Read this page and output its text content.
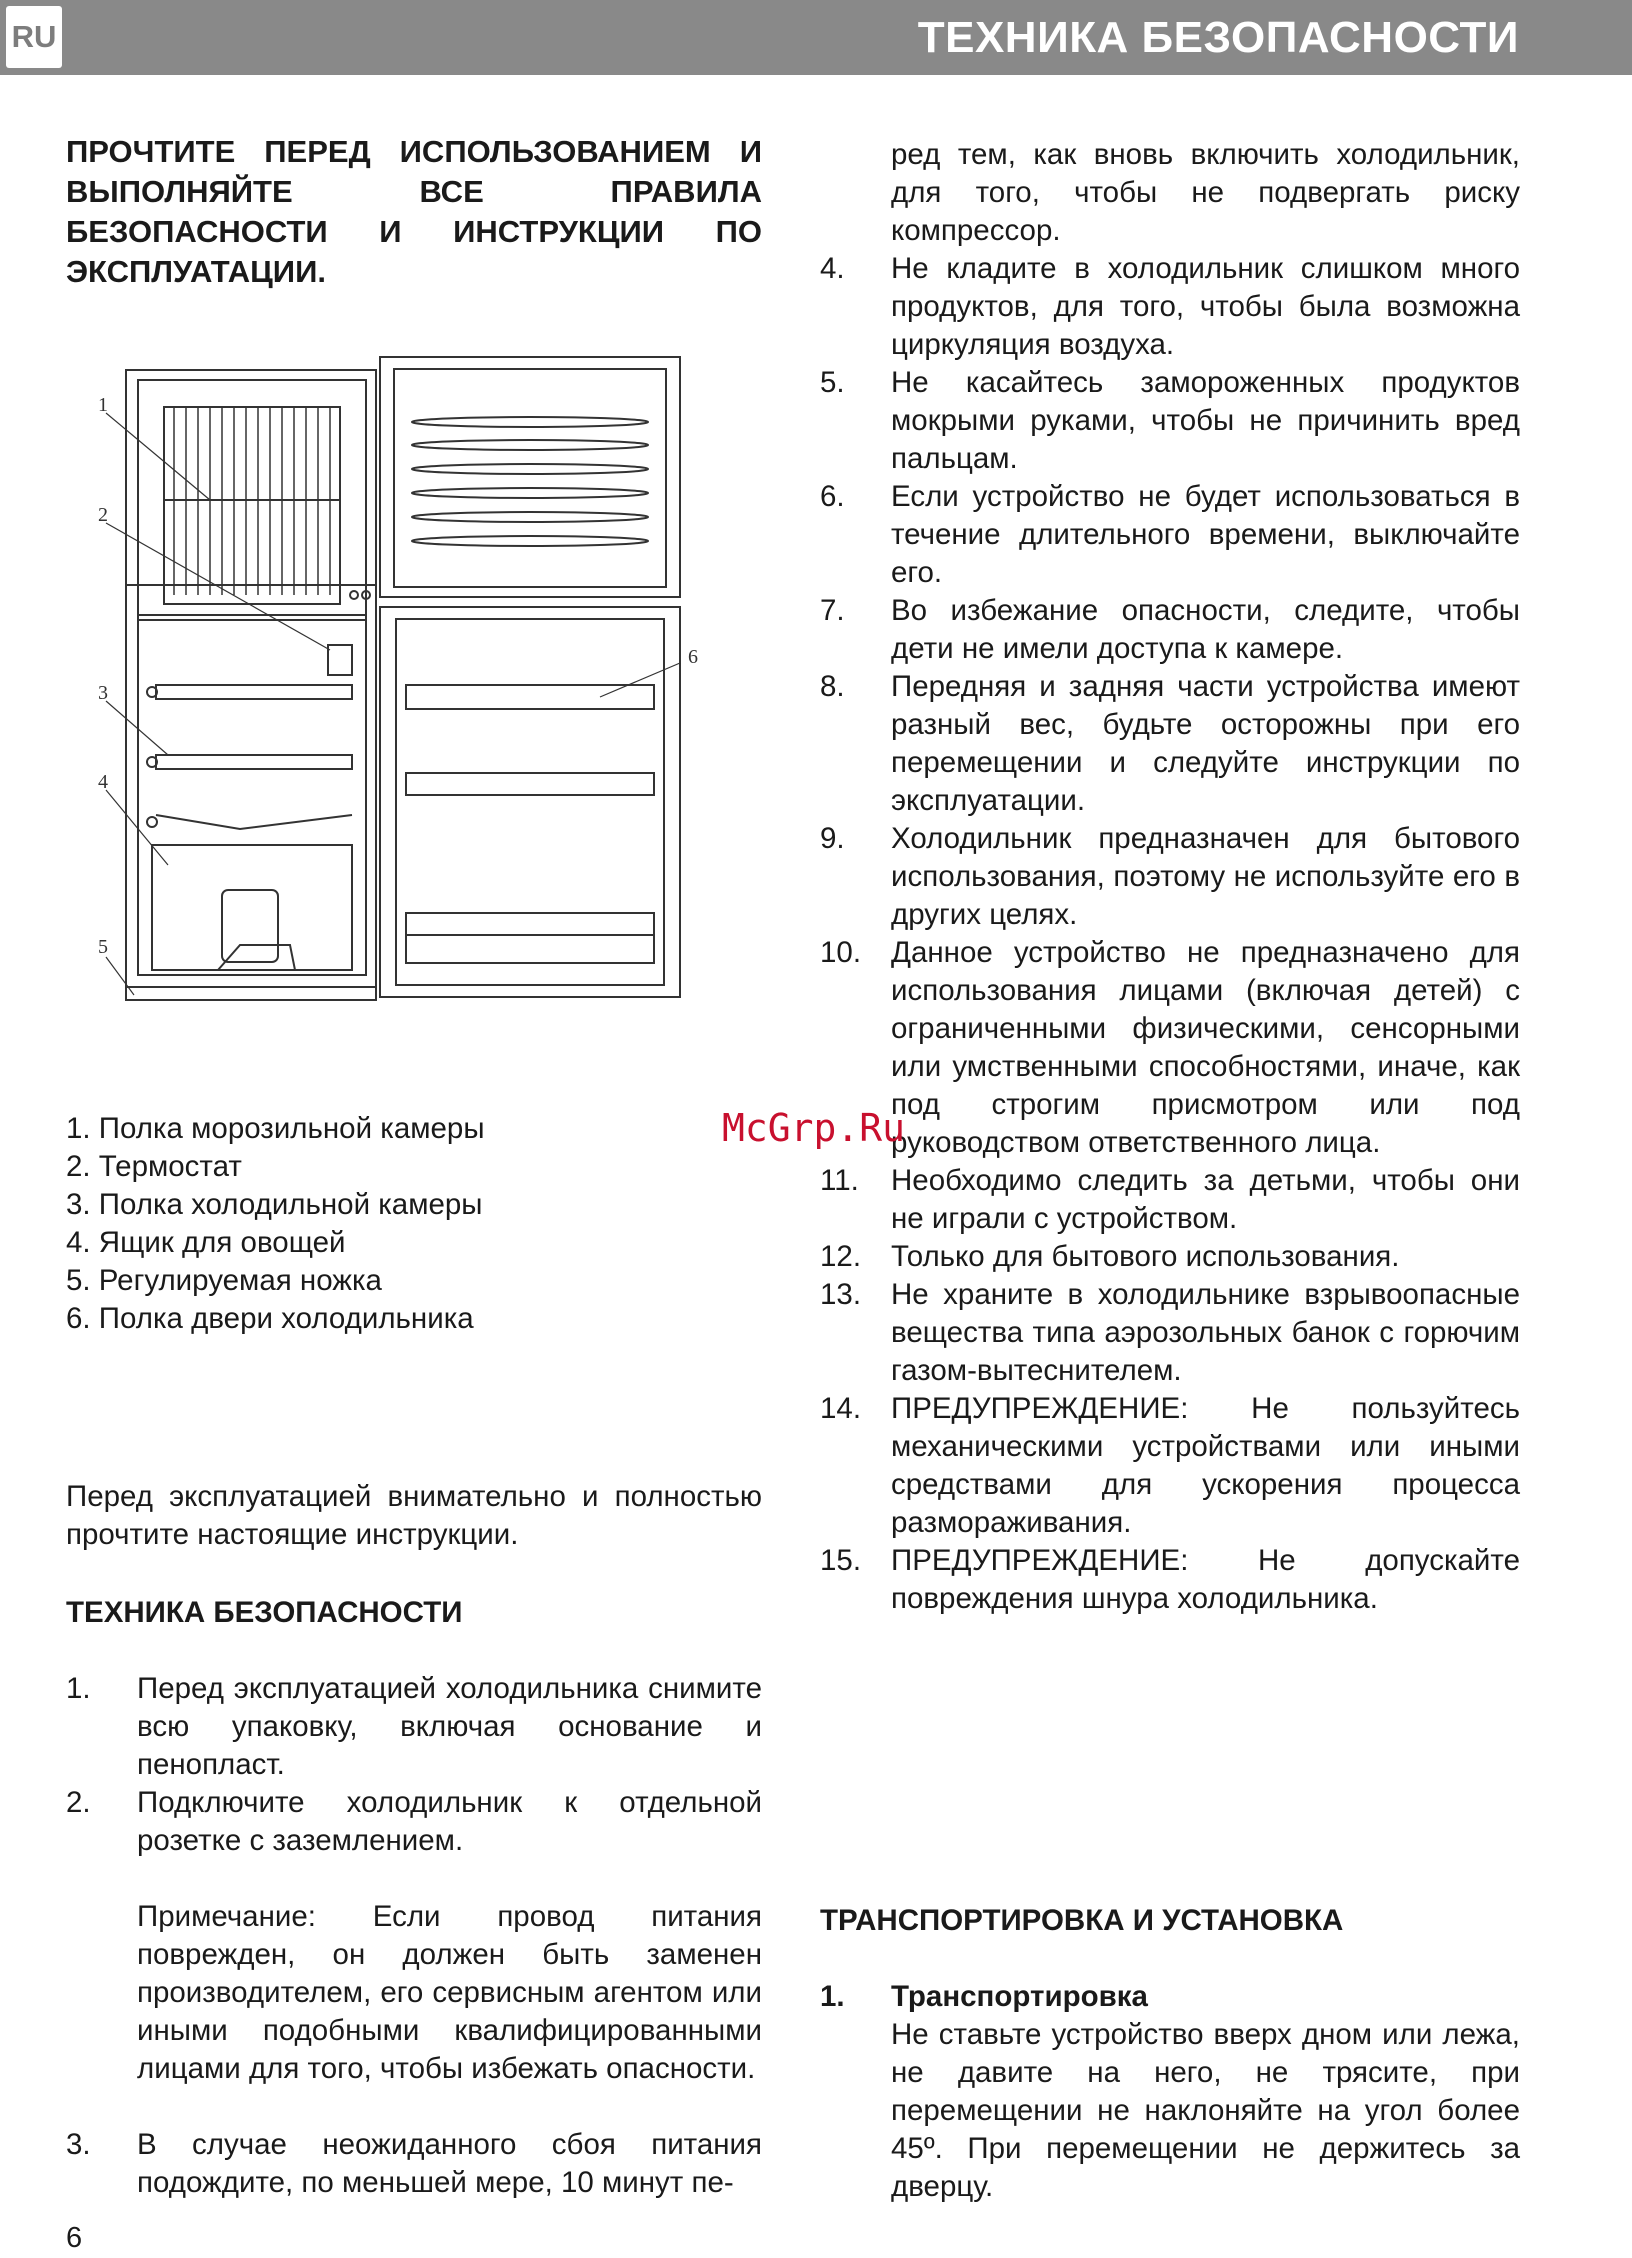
RU	ТЕХНИКА БЕЗОПАСНОСТИ
ПРОЧТИТЕ ПЕРЕД ИСПОЛЬЗОВАНИЕМ И ВЫПОЛНЯЙТЕ ВСЕ ПРАВИЛА БЕЗОПАСНОСТИ И ИНСТРУКЦИИ ПО ЭКСПЛУАТАЦИИ.
1
2
3
4
5
6
1. Полка морозильной камеры
2. Термостат
3. Полка холодильной камеры
4. Ящик для овощей
5. Регулируемая ножка
6. Полка двери холодильника
Перед эксплуатацией внимательно и полностью прочтите настоящие инструкции.
ТЕХНИКА БЕЗОПАСНОСТИ
1. Перед эксплуатацией холодильника снимите всю упаковку, включая основание и пенопласт.
2. Подключите холодильник к отдельной розетке с заземлением.
Примечание: Если провод питания поврежден, он должен быть заменен производителем, его сервисным агентом или иными подобными квалифицированными лицами для того, чтобы избежать опасности.
3. В случае неожиданного сбоя питания подождите, по меньшей мере, 10 минут пе-
ред тем, как вновь включить холодильник, для того, чтобы не подвергать риску компрессор.
4. Не кладите в холодильник слишком много продуктов, для того, чтобы была возможна циркуляция воздуха.
5. Не касайтесь замороженных продуктов мокрыми руками, чтобы не причинить вред пальцам.
6. Если устройство не будет использоваться в течение длительного времени, выключайте его.
7. Во избежание опасности, следите, чтобы дети не имели доступа к камере.
8. Передняя и задняя части устройства имеют разный вес, будьте осторожны при его перемещении и следуйте инструкции по эксплуатации.
9. Холодильник предназначен для бытового использования, поэтому не используйте его в других целях.
10. Данное устройство не предназначено для использования лицами (включая детей) с ограниченными физическими, сенсорными или умственными способностями, иначе, как под строгим присмотром или под руководством ответственного лица.
11. Необходимо следить за детьми, чтобы они не играли с устройством.
12. Только для бытового использования.
13. Не храните в холодильнике взрывоопасные вещества типа аэрозольных банок с горючим газом-вытеснителем.
14. ПРЕДУПРЕЖДЕНИЕ: Не пользуйтесь механическими устройствами или иными средствами для ускорения процесса размораживания.
15. ПРЕДУПРЕЖДЕНИЕ: Не допускайте повреждения шнура холодильника.
ТРАНСПОРТИРОВКА И УСТАНОВКА
1. Транспортировка
Не ставьте устройство вверх дном или лежа, не давите на него, не трясите, при перемещении не наклоняйте на угол более 45º. При перемещении не держитесь за дверцу.
6
McGrp.Ru
